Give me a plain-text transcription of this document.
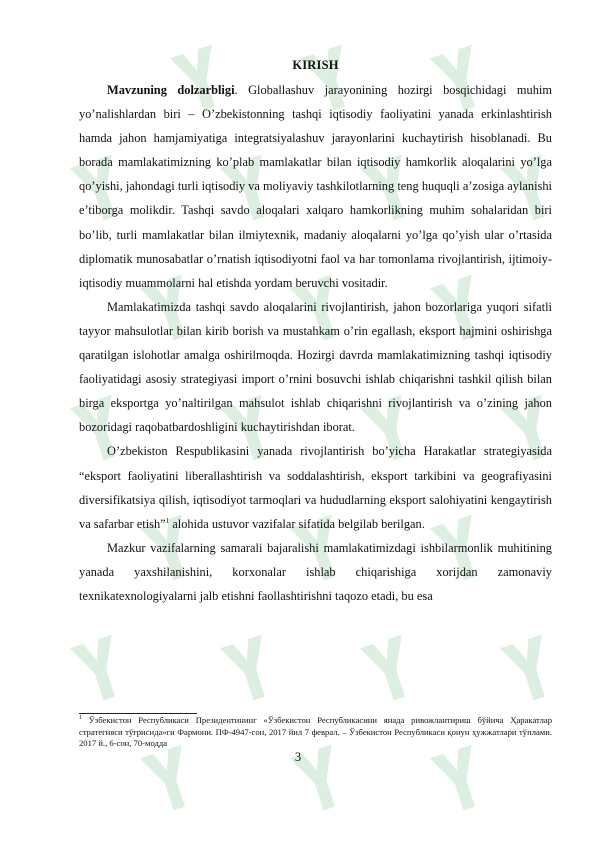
KIRISH

Mavzuning dolzarbligi. Globallashuv jarayonining hozirgi bosqichidagi muhim yo’nalishlardan biri – O’zbekistonning tashqi iqtisodiy faoliyatini yanada erkinlashtirish hamda jahon hamjamiyatiga integratsiyalashuv jarayonlarini kuchaytirish hisoblanadi. Bu borada mamlakatimizning ko’plab mamlakatlar bilan iqtisodiy hamkorlik aloqalarini yo’lga qo’yishi, jahondagi turli iqtisodiy va moliyaviy tashkilotlarning teng huquqli a’zosiga aylanishi e’tiborga molikdir. Tashqi savdo aloqalari xalqaro hamkorlikning muhim sohalaridan biri bo’lib, turli mamlakatlar bilan ilmiytexnik, madaniy aloqalarni yo’lga qo’yish ular o’rtasida diplomatik munosabatlar o’rnatish iqtisodiyotni faol va har tomonlama rivojlantirish, ijtimoiy-iqtisodiy muammolarni hal etishda yordam beruvchi vositadir.

Mamlakatimizda tashqi savdo aloqalarini rivojlantirish, jahon bozorlariga yuqori sifatli tayyor mahsulotlar bilan kirib borish va mustahkam o’rin egallash, eksport hajmini oshirishga qaratilgan islohotlar amalga oshirilmoqda. Hozirgi davrda mamlakatimizning tashqi iqtisodiy faoliyatidagi asosiy strategiyasi import o’rnini bosuvchi ishlab chiqarishni tashkil qilish bilan birga eksportga yo’naltirilgan mahsulot ishlab chiqarishni rivojlantirish va o’zining jahon bozoridagi raqobatbardoshligini kuchaytirishdan iborat.

O’zbekiston Respublikasini yanada rivojlantirish bo’yicha Harakatlar strategiyasida “eksport faoliyatini liberallashtirish va soddalashtirish, eksport tarkibini va geografiyasini diversifikatsiya qilish, iqtisodiyot tarmoqlari va hududlarning eksport salohiyatini kengaytirish va safarbar etish”$^1$ alohida ustuvor vazifalar sifatida belgilab berilgan.

Mazkur vazifalarning samarali bajaralishi mamlakatimizdagi ishbilarmonlik muhitining yanada yaxshilanishini, korxonalar ishlab chiqarishiga xorijdan zamonaviy texnikatexnologiyalarni jalb etishni faollashtirishni taqozo etadi, bu esa

$^1$ Ўзбекистон Республикаси Президентининг «Ўзбекистон Республикасини янада ривожлантириш бўйича Ҳаракатлар стратегияси тўғрисида»ги Фармони. ПФ-4947-сон, 2017 йил 7 феврал. – Ўзбекистон Республикаси қонун ҳужжатлари тўплами. 2017 й., 6-сон, 70-модда
3
